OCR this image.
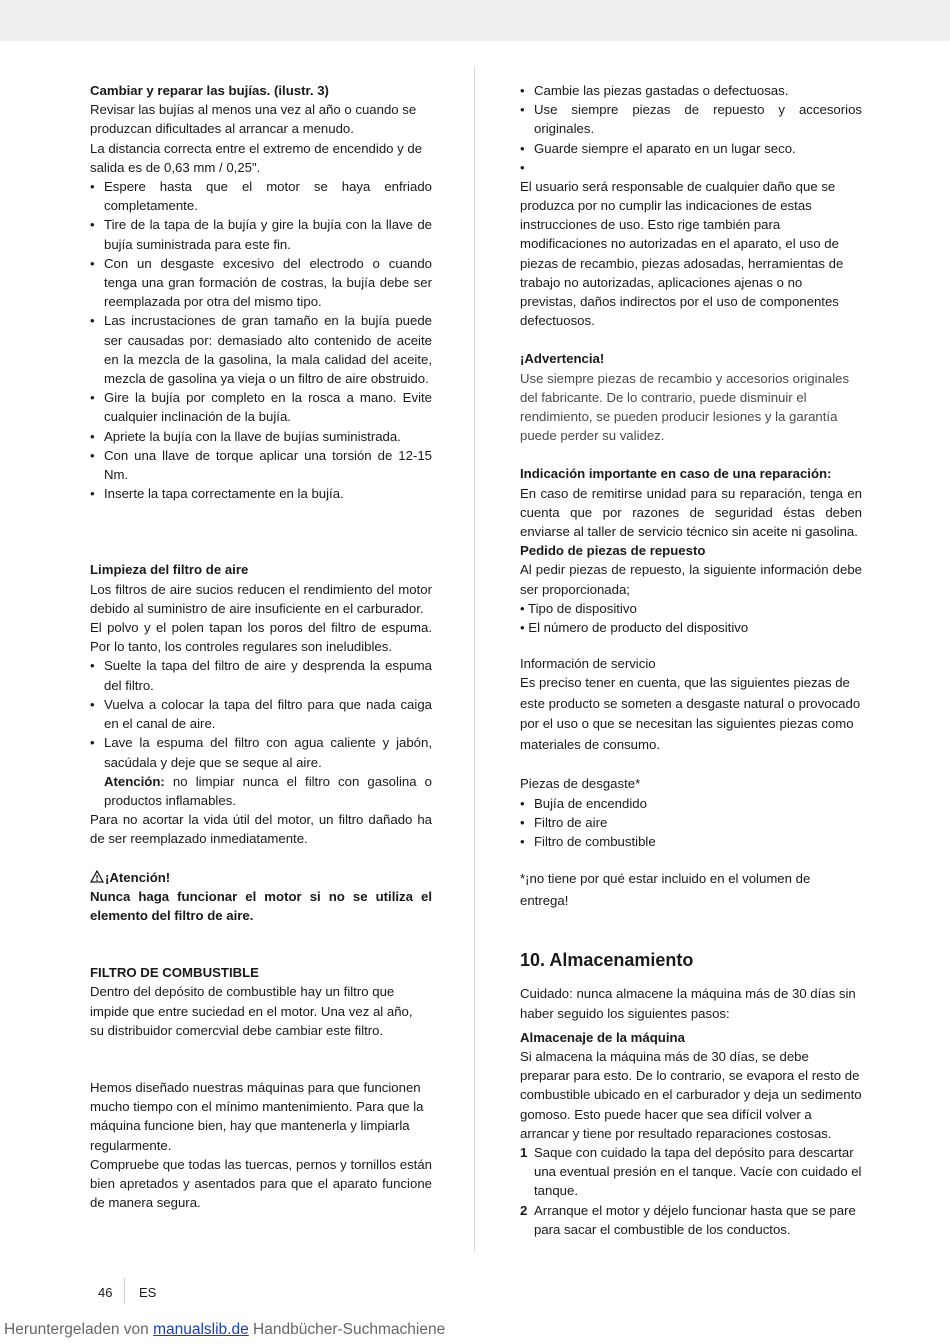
Cambiar y reparar las bujías. (ilustr. 3)

Revisar las bujías al menos una vez al año o cuando se produzcan dificultades al arrancar a menudo.

La distancia correcta entre el extremo de encendido y de salida es de 0,63 mm / 0,25".

• Espere hasta que el motor se haya enfriado completamente.
• Tire de la tapa de la bujía y gire la bujía con la llave de bujía suministrada para este fin.
• Con un desgaste excesivo del electrodo o cuando tenga una gran formación de costras, la bujía debe ser reemplazada por otra del mismo tipo.
• Las incrustaciones de gran tamaño en la bujía puede ser causadas por: demasiado alto contenido de aceite en la mezcla de la gasolina, la mala calidad del aceite, mezcla de gasolina ya vieja o un filtro de aire obstruido.
• Gire la bujía por completo en la rosca a mano. Evite cualquier inclinación de la bujía.
• Apriete la bujía con la llave de bujías suministrada.
• Con una llave de torque aplicar una torsión de 12-15 Nm.
• Inserte la tapa correctamente en la bujía.

Limpieza del filtro de aire

Los filtros de aire sucios reducen el rendimiento del motor debido al suministro de aire insuficiente en el carburador.

El polvo y el polen tapan los poros del filtro de espuma. Por lo tanto, los controles regulares son ineludibles.

• Suelte la tapa del filtro de aire y desprenda la espuma del filtro.
• Vuelva a colocar la tapa del filtro para que nada caiga en el canal de aire.
• Lave la espuma del filtro con agua caliente y jabón, sacúdala y deje que se seque al aire.

Atención: no limpiar nunca el filtro con gasolina o productos inflamables.

Para no acortar la vida útil del motor, un filtro dañado ha de ser reemplazado inmediatamente.

¡Atención!

Nunca haga funcionar el motor si no se utiliza el elemento del filtro de aire.

FILTRO DE COMBUSTIBLE

Dentro del depósito de combustible hay un filtro que impide que entre suciedad en el motor. Una vez al año, su distribuidor comercvial debe cambiar este filtro.

Hemos diseñado nuestras máquinas para que funcionen mucho tiempo con el mínimo mantenimiento. Para que la máquina funcione bien, hay que mantenerla y limpiarla regularmente.

Compruebe que todas las tuercas, pernos y tornillos están bien apretados y asentados para que el aparato funcione de manera segura.

• Cambie las piezas gastadas o defectuosas.
• Use siempre piezas de repuesto y accesorios originales.
• Guarde siempre el aparato en un lugar seco.
•

El usuario será responsable de cualquier daño que se produzca por no cumplir las indicaciones de estas instrucciones de uso. Esto rige también para modificaciones no autorizadas en el aparato, el uso de piezas de recambio, piezas adosadas, herramientas de trabajo no autorizadas, aplicaciones ajenas o no previstas, daños indirectos por el uso de componentes defectuosos.

¡Advertencia!

Use siempre piezas de recambio y accesorios originales del fabricante. De lo contrario, puede disminuir el rendimiento, se pueden producir lesiones y la garantía puede perder su validez.

Indicación importante en caso de una reparación:

En caso de remitirse unidad para su reparación, tenga en cuenta que por razones de seguridad éstas deben enviarse al taller de servicio técnico sin aceite ni gasolina.

Pedido de piezas de repuesto

Al pedir piezas de repuesto, la siguiente información debe ser proporcionada;

• Tipo de dispositivo

• El número de producto del dispositivo

Información de servicio

Es preciso tener en cuenta, que las siguientes piezas de este producto se someten a desgaste natural o provocado por el uso o que se necesitan las siguientes piezas como materiales de consumo.

Piezas de desgaste*

• Bujía de encendido
• Filtro de aire
• Filtro de combustible

*¡no tiene por qué estar incluido en el volumen de entrega!

10. Almacenamiento

Cuidado: nunca almacene la máquina más de 30 días sin haber seguido los siguientes pasos:

Almacenaje de la máquina

Si almacena la máquina más de 30 días, se debe preparar para esto. De lo contrario, se evapora el resto de combustible ubicado en el carburador y deja un sedimento gomoso. Esto puede hacer que sea difícil volver a arrancar y tiene por resultado reparaciones costosas.

1 Saque con cuidado la tapa del depósito para descartar una eventual presión en el tanque. Vacíe con cuidado el tanque.
2 Arranque el motor y déjelo funcionar hasta que se pare para sacar el combustible de los conductos.
46 ES
Heruntergeladen von manualslib.de Handbücher-Suchmachiene
